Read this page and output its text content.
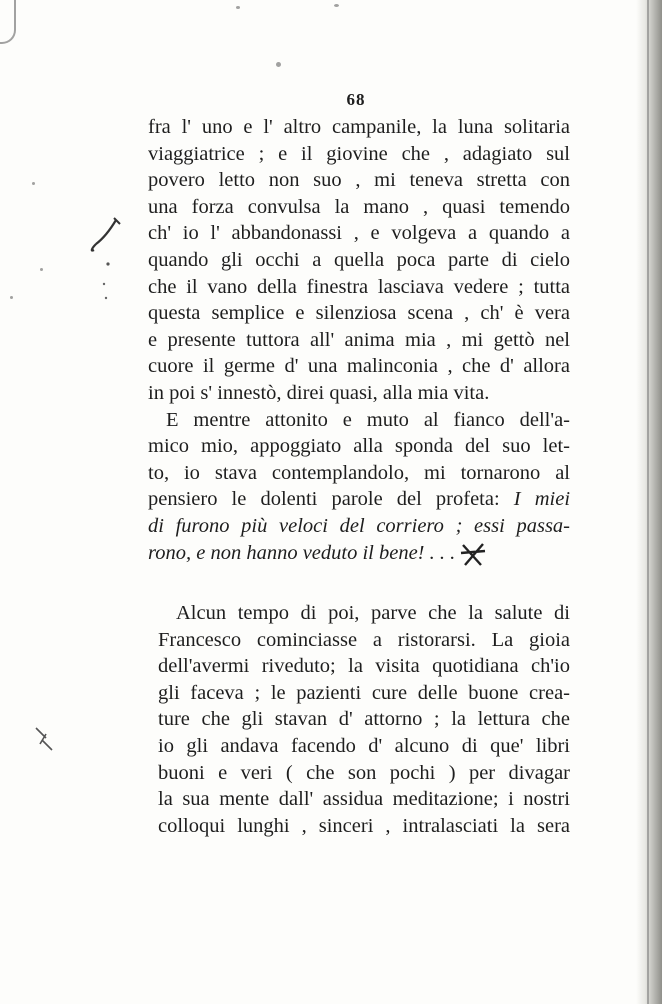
68
fra l' uno e l' altro campanile, la luna solitaria
viaggiatrice ; e il giovine che , adagiato sul
povero letto non suo , mi teneva stretta con
una forza convulsa la mano , quasi temendo
ch' io l' abbandonassi , e volgeva a quando a
quando gli occhi a quella poca parte di cielo
che il vano della finestra lasciava vedere ; tutta
questa semplice e silenziosa scena , ch' è vera
e presente tuttora all' anima mia , mi gettò nel
cuore il germe d' una malinconia , che d' allora
in poi s' innestò, direi quasi, alla mia vita.
E mentre attonito e muto al fianco dell'a-
mico mio, appoggiato alla sponda del suo let-
to, io stava contemplandolo, mi tornarono al
pensiero le dolenti parole del profeta: I miei
di furono più veloci del corriero ; essi passa-
rono, e non hanno veduto il bene! . . .
Alcun tempo di poi, parve che la salute di
Francesco cominciasse a ristorarsi. La gioia
dell'avermi riveduto; la visita quotidiana ch'io
gli faceva ; le pazienti cure delle buone crea-
ture che gli stavan d' attorno ; la lettura che
io gli andava facendo d' alcuno di que' libri
buoni e veri ( che son pochi ) per divagar
la sua mente dall' assidua meditazione; i nostri
colloqui lunghi , sinceri , intralasciati la sera
